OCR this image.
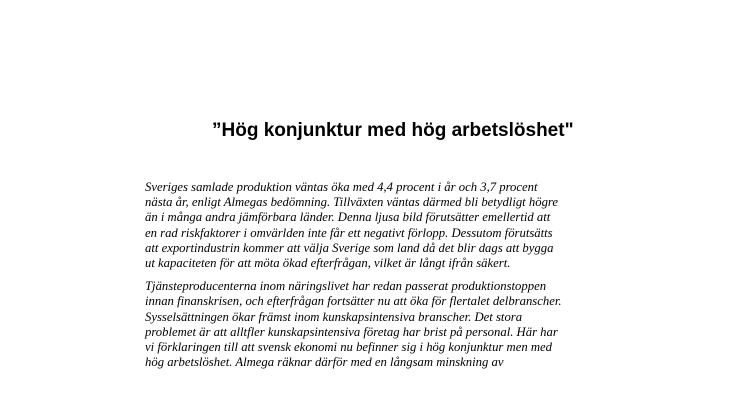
”Hög konjunktur med hög arbetslöshet"

Sveriges samlade produktion väntas öka med 4,4 procent i år och 3,7 procent
nästa år, enligt Almegas bedömning. Tillväxten väntas därmed bli betydligt högre
än i många andra jämförbara länder. Denna ljusa bild förutsätter emellertid att
en rad riskfaktorer i omvärlden inte får ett negativt förlopp. Dessutom förutsätts
att exportindustrin kommer att välja Sverige som land då det blir dags att bygga
ut kapaciteten för att möta ökad efterfrågan, vilket är långt ifrån säkert.

Tjänsteproducenterna inom näringslivet har redan passerat produktionstoppen
innan finanskrisen, och efterfrågan fortsätter nu att öka för flertalet delbranscher.
Sysselsättningen ökar främst inom kunskapsintensiva branscher. Det stora
problemet är att alltfler kunskapsintensiva företag har brist på personal. Här har
vi förklaringen till att svensk ekonomi nu befinner sig i hög konjunktur men med
hög arbetslöshet. Almega räknar därför med en långsam minskning av
